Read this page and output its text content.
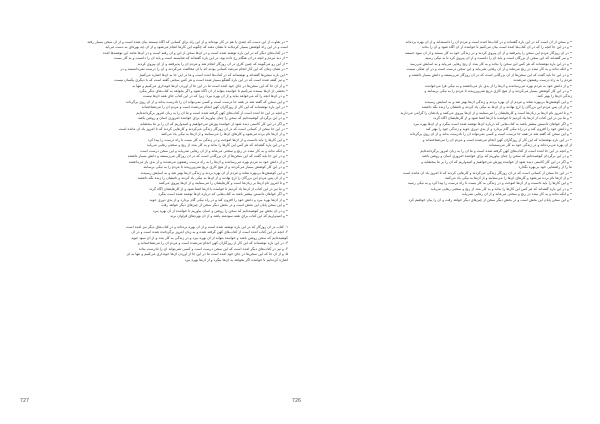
• در تفاوت از این دست که چندی با هم در کار بوده‌اند و از این راه برای کسانی که آگاه نیستند بیان شده است و از آن سخن بسیار رفته
است و در این راه کوشش بسیار کرده‌اند تا نشان دهند که چگونه این کارها انجام می‌شود و از آن چه بهره‌ای به دست می‌آید
• در کتاب‌های دیگر که در این باره نوشته شده است و در آن‌ها سخن از این و آن رفته است و در آن‌ها مانند این نوشته‌ها آمده
• از دید مردم و آنچه در آن هنگام رخ داده بود، در این باره گفته‌اند که شایسته است و باید آن را دانست و به کار بست
• از این رو می‌گویند که چنین کاری در آن روزگار انجام شد و مردم آن را پذیرفتند و از آن پیروی کردند
• در همان زمان که این کار انجام می‌شد کسانی بودند که با آن مخالفت می‌کردند و آن را درست نمی‌دانستند و در
• این باره سخن‌ها گفته‌اند و نوشته‌اند که در کتاب‌ها آمده است و ما در این جا به آن‌ها اشاره می‌کنیم
• و نیز گفته شده است که در این باره گفتگو بسیار شده است و هر کس سخنی گفته است که با دیگری یکسان نیست
• و از آن جا که این سخن‌ها در جای خود آمده است ما در این جا از آوردن آن‌ها خودداری می‌کنیم و تنها به
• بخشی از آن‌ها بسنده می‌کنیم تا خواننده بتواند از آن آگاه شود و اگر بخواهد به کتاب‌های دیگر بنگرد
• و در آن‌ها آنچه را که می‌خواهد بیابد و از آن بهره ببرد؛ زیرا که در این کتاب جای همه آن‌ها نیست
• و این سخن که گفته شد در همه جا درست است و کسی نمی‌تواند آن را نادرست بداند و از آن روی برگرداند
• در این باره نوشته‌اند که این کار از روزگاران کهن انجام می‌شده است و مردم آن را می‌شناخته‌اند
• و آنچه در این جا آمده است از کتاب‌های کهن گرفته شده است و ما آن را به زبان امروز برگردانده‌ایم
• و در این برگردان کوشیده‌ایم که سخن را چنان بیاوریم که برای خواننده امروزی آسان و روشن باشد
• و اگر در این کار کاستی دیده شود از خواننده پوزش می‌خواهیم و امیدواریم که آن را بر ما ببخشاید
• در این جا سخن از کسانی است که در آن روزگار زندگی می‌کردند و کارهایی کردند که تا امروز یاد آن مانده است
• و از آن‌ها نام برده می‌شود و کارهای آن‌ها را می‌ستایند و از آن‌ها به نیکی یاد می‌کنند
• و این کارها را باید دانست و از آن‌ها آموخت و در زندگی به کار بست تا راه درست را پیدا کرد
• و در این باره گفته‌اند که هر کس این کارها را بداند و به کار بندد از رنج و سختی رهایی می‌یابد
• و آنکه نداند و به کار نبندد در رنج و سختی می‌ماند و از آن رهایی نمی‌یابد و این سخن درست است
• و در این جا باید گفت که این سخن‌ها از آن بزرگانی است که در آن روزگار می‌زیستند و دانش بسیار داشتند
• و از دانش خود به مردم بهره می‌رساندند و آن‌ها را به راه درست رهنمون می‌شدند و از بدی باز می‌داشتند
• و در این کار کوشش بسیار می‌کردند و از هیچ کاری دریغ نمی‌ورزیدند تا مردم را به نیکی برسانند
• و این کوشش‌ها بی‌بهره نماند و مردم از آن بهره بردند و زندگی آن‌ها بهتر شد و به آسایش رسیدند
• و از آن پس مردم این بزرگان را ارج نهادند و از آن‌ها به نیکی یاد کردند و نامشان را زنده نگه داشتند
• و تا امروز نام آن‌ها بر زبان‌ها است و کارهایشان را می‌ستایند و از آن‌ها پیروی می‌کنند
• و ما نیز در این کتاب از آن‌ها یاد کردیم تا خواننده با آن‌ها آشنا شود و از کارهایشان آگاه گردد
• و اگر خواهان دانستن بیشتر باشد به کتاب‌هایی که درباره آن‌ها نوشته شده است بنگرد
• و از آن‌ها بهره ببرد و دانش خود را افزون کند و در راه نیکی گام بردارد و از بدی دوری جوید
• و این سخن پایان این بخش است و در بخش دیگر سخن از چیزهای دیگر خواهد رفت
• و در آن بخش نیز کوشیده‌ایم که سخن را روشن و آسان بیاوریم تا خواننده از آن بهره ببرد
• و امیدواریم که این کتاب برای همه سودمند باشد و از آن بهره‌های فراوان برند
۱. کتاب در آن روزگار که در این باره نوشته شده است و از آن بهره برده‌اند و در کتاب‌های دیگر نیز آمده است
۲. آنچه در این کتاب آمده است از کتاب‌های کهن گرفته شده و به زبان امروز برگردانده شده است و در آن
کوشیده‌ایم که سخن روشن باشد و خواننده بتواند از آن بهره ببرد و در زندگی به کار بندد و از آن سود جوید
۳. در این باره نوشته‌اند که این کار از روزگاران کهن انجام می‌شده است و مردم آن را می‌شناخته‌اند و
۴. و نیز در کتاب‌های دیگر آمده است که این سخن درست است و کسی نمی‌تواند آن را نادرست بداند
۵. و از آن جا که این سخن‌ها در جای خود آمده است ما در این جا از آوردن آن‌ها خودداری می‌کنیم و تنها به آن
اشاره کرده‌ایم تا خواننده اگر بخواهد به آن‌ها بنگرد و از آن‌ها بهره ببرد
• و سخن از آن است که در این باره گفته‌اند و در کتاب‌ها آمده است و مردم آن را دانسته‌اند و از آن بهره برده‌اند
• و در این جا آنچه را که در آن کتاب‌ها آمده است بیان می‌کنیم تا خواننده از آن آگاه شود و آن را بداند
• در آن روزگار مردم این سخن را پذیرفتند و از آن پیروی کردند و در زندگی خود به کار بستند و از آن سود جستند
• و نیز گفته‌اند که این سخن از بزرگان است و باید آن را دانست و از آن پیروی کرد تا به نیکی رسید
• و در این باره نوشته‌اند که هر کس این سخن را بداند و به کار بندد از رنج رهایی می‌یابد و به آسایش می‌رسد
• و آنکه نداند و به کار نبندد در رنج می‌ماند و از آن رهایی نمی‌یابد و این سخن درست است و در آن شکی نیست
• و در این جا باید گفت که این سخن‌ها از آن بزرگانی است که در آن روزگار می‌زیستند و دانش بسیار داشتند و
مردم را به راه درست رهنمون می‌شدند
• و از دانش خود به مردم بهره می‌رساندند و آن‌ها را از بدی باز می‌داشتند و به نیکی فرا می‌خواندند
• و در این کار کوشش بسیار می‌کردند و از هیچ کاری دریغ نمی‌ورزیدند تا مردم را به نیکی برسانند و
زندگی آن‌ها را بهتر کنند
• و این کوشش‌ها بی‌بهره نماند و مردم از آن بهره بردند و زندگی آن‌ها بهتر شد و به آسایش رسیدند
• و از آن پس مردم این بزرگان را ارج نهادند و از آن‌ها به نیکی یاد کردند و نامشان را زنده نگه داشتند
• و تا امروز نام آن‌ها بر زبان‌ها است و کارهایشان را می‌ستایند و از آن‌ها پیروی می‌کنند و یادشان را گرامی می‌دارند
• و ما نیز در این کتاب از آن‌ها یاد کردیم تا خواننده با آن‌ها آشنا شود و از کارهایشان آگاه گردد
• و اگر خواهان دانستن بیشتر باشد به کتاب‌هایی که درباره آن‌ها نوشته شده است بنگرد و از آن‌ها بهره ببرد
• و دانش خود را افزون کند و در راه نیکی گام بردارد و از بدی دوری جوید و زندگی خود را بهتر کند
• و این سخن که گفته شد در همه جا درست است و کسی نمی‌تواند آن را نادرست بداند و از آن روی برگرداند
• در این باره نوشته‌اند که این کار از روزگاران کهن انجام می‌شده است و مردم آن را می‌شناخته‌اند و
از آن بهره می‌برده‌اند و در زندگی خود به کار می‌بسته‌اند
• و آنچه در این جا آمده است از کتاب‌های کهن گرفته شده است و ما آن را به زبان امروز برگردانده‌ایم
• و در این برگردان کوشیده‌ایم که سخن را چنان بیاوریم که برای خواننده امروزی آسان و روشن باشد
• و اگر در این کار کاستی دیده شود از خواننده پوزش می‌خواهیم و امیدواریم که آن را بر ما ببخشاید و
ما را از راهنمایی خود بی‌بهره نگذارد
• در این جا سخن از کسانی است که در آن روزگار زندگی می‌کردند و کارهایی کردند که تا امروز یاد آن مانده است
• و از آن‌ها نام برده می‌شود و کارهای آن‌ها را می‌ستایند و از آن‌ها به نیکی یاد می‌کنند
• و این کارها را باید دانست و از آن‌ها آموخت و در زندگی به کار بست تا راه درست را پیدا کرد و به نیکی رسید
• و در این باره گفته‌اند که هر کس این کارها را بداند و به کار بندد از رنج و سختی رهایی می‌یابد
• و آنکه نداند و به کار نبندد در رنج و سختی می‌ماند و از آن رهایی نمی‌یابد
• و این سخن پایان این بخش است و در بخش دیگر سخن از چیزهای دیگر خواهد رفت و آن را بیان خواهیم کرد
727	726
